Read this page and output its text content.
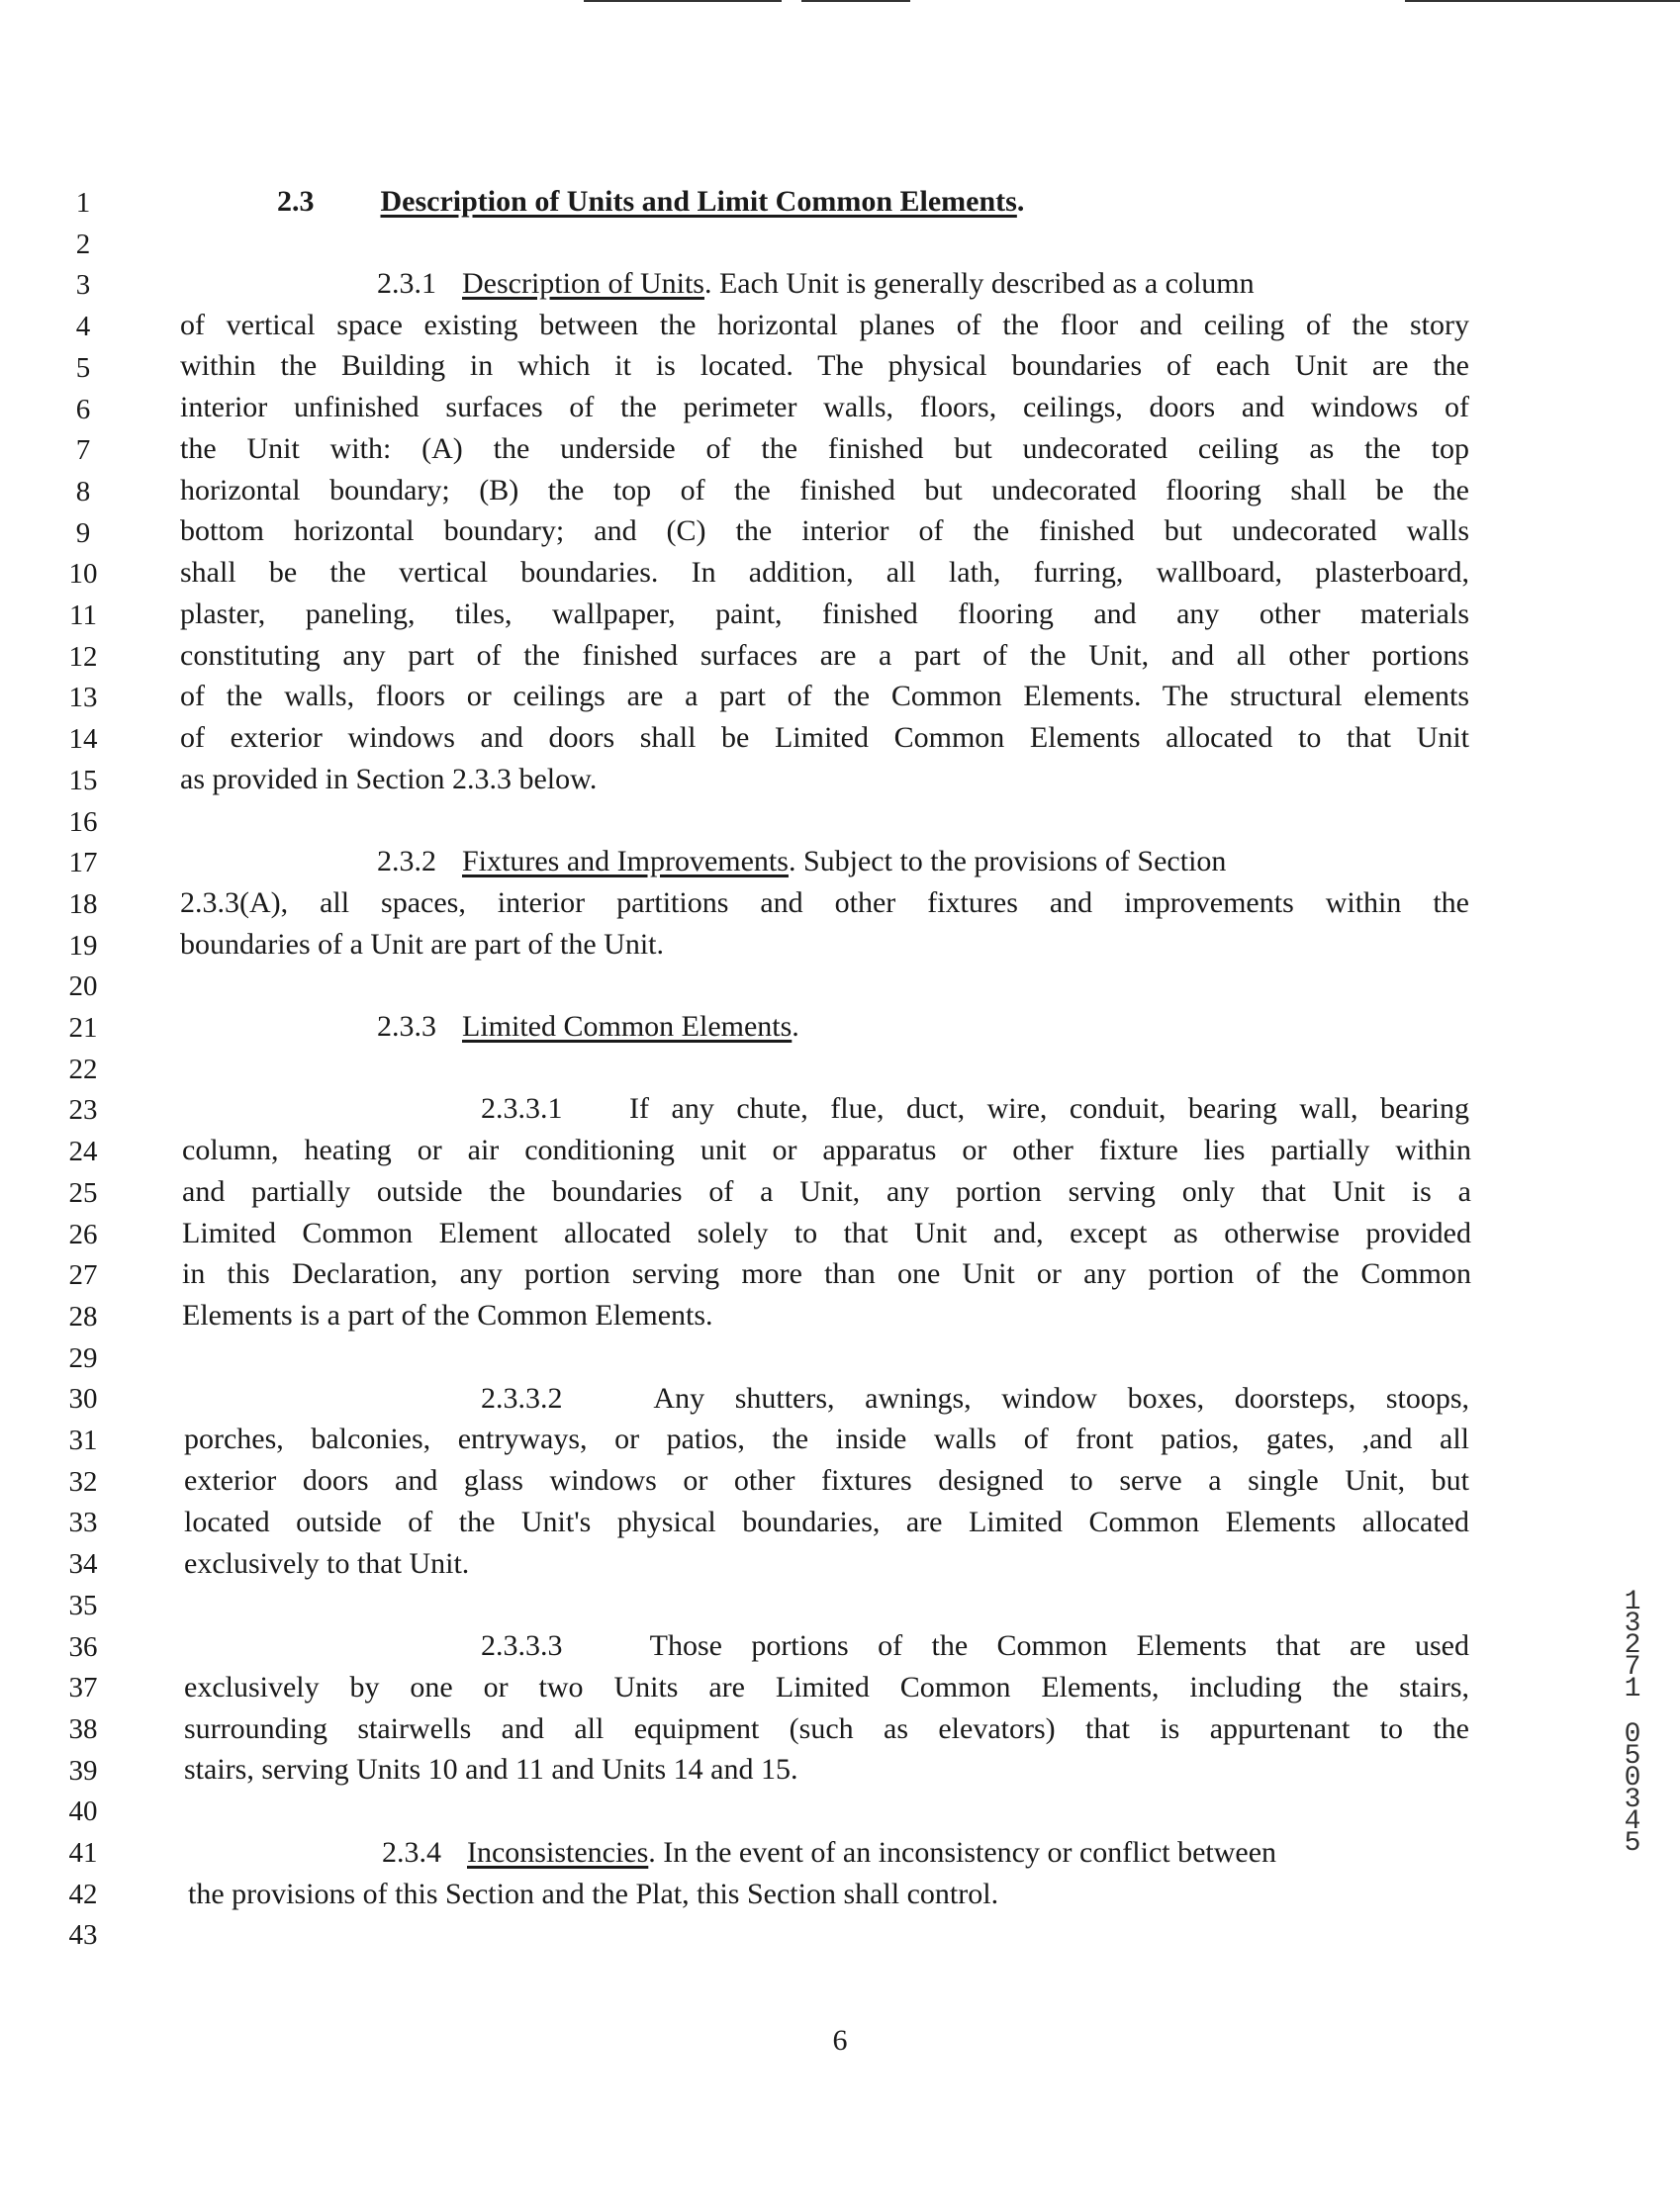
1
2
3
4
5
6
7
8
9
10
11
12
13
14
15
16
17
18
19
20
21
22
23
24
25
26
27
28
29
30
31
32
33
34
35
36
37
38
39
40
41
42
43
2.3 Description of Units and Limit Common Elements.
2.3.1 Description of Units. Each Unit is generally described as a column
of vertical space existing between the horizontal planes of the floor and ceiling of the story
within the Building in which it is located. The physical boundaries of each Unit are the
interior unfinished surfaces of the perimeter walls, floors, ceilings, doors and windows of
the Unit with: (A) the underside of the finished but undecorated ceiling as the top
horizontal boundary; (B) the top of the finished but undecorated flooring shall be the
bottom horizontal boundary; and (C) the interior of the finished but undecorated walls
shall be the vertical boundaries. In addition, all lath, furring, wallboard, plasterboard,
plaster, paneling, tiles, wallpaper, paint, finished flooring and any other materials
constituting any part of the finished surfaces are a part of the Unit, and all other portions
of the walls, floors or ceilings are a part of the Common Elements. The structural elements
of exterior windows and doors shall be Limited Common Elements allocated to that Unit
as provided in Section 2.3.3 below.
2.3.2 Fixtures and Improvements. Subject to the provisions of Section
2.3.3(A), all spaces, interior partitions and other fixtures and improvements within the
boundaries of a Unit are part of the Unit.
2.3.3 Limited Common Elements.
2.3.3.1 If any chute, flue, duct, wire, conduit, bearing wall, bearing
column, heating or air conditioning unit or apparatus or other fixture lies partially within
and partially outside the boundaries of a Unit, any portion serving only that Unit is a
Limited Common Element allocated solely to that Unit and, except as otherwise provided
in this Declaration, any portion serving more than one Unit or any portion of the Common
Elements is a part of the Common Elements.
2.3.3.2	Any shutters, awnings, window boxes, doorsteps, stoops,
porches, balconies, entryways, or patios, the inside walls of front patios, gates, ,and all
exterior doors and glass windows or other fixtures designed to serve a single Unit, but
located outside of the Unit's physical boundaries, are Limited Common Elements allocated
exclusively to that Unit.
2.3.3.3	Those portions of the Common Elements that are used
exclusively by one or two Units are Limited Common Elements, including the stairs,
surrounding stairwells and all equipment (such as elevators) that is appurtenant to the
stairs, serving Units 10 and 11 and Units 14 and 15.
2.3.4 Inconsistencies. In the event of an inconsistency or conflict between
the provisions of this Section and the Plat, this Section shall control.
6
1
3
2
7
1
0
5
0
3
4
5
